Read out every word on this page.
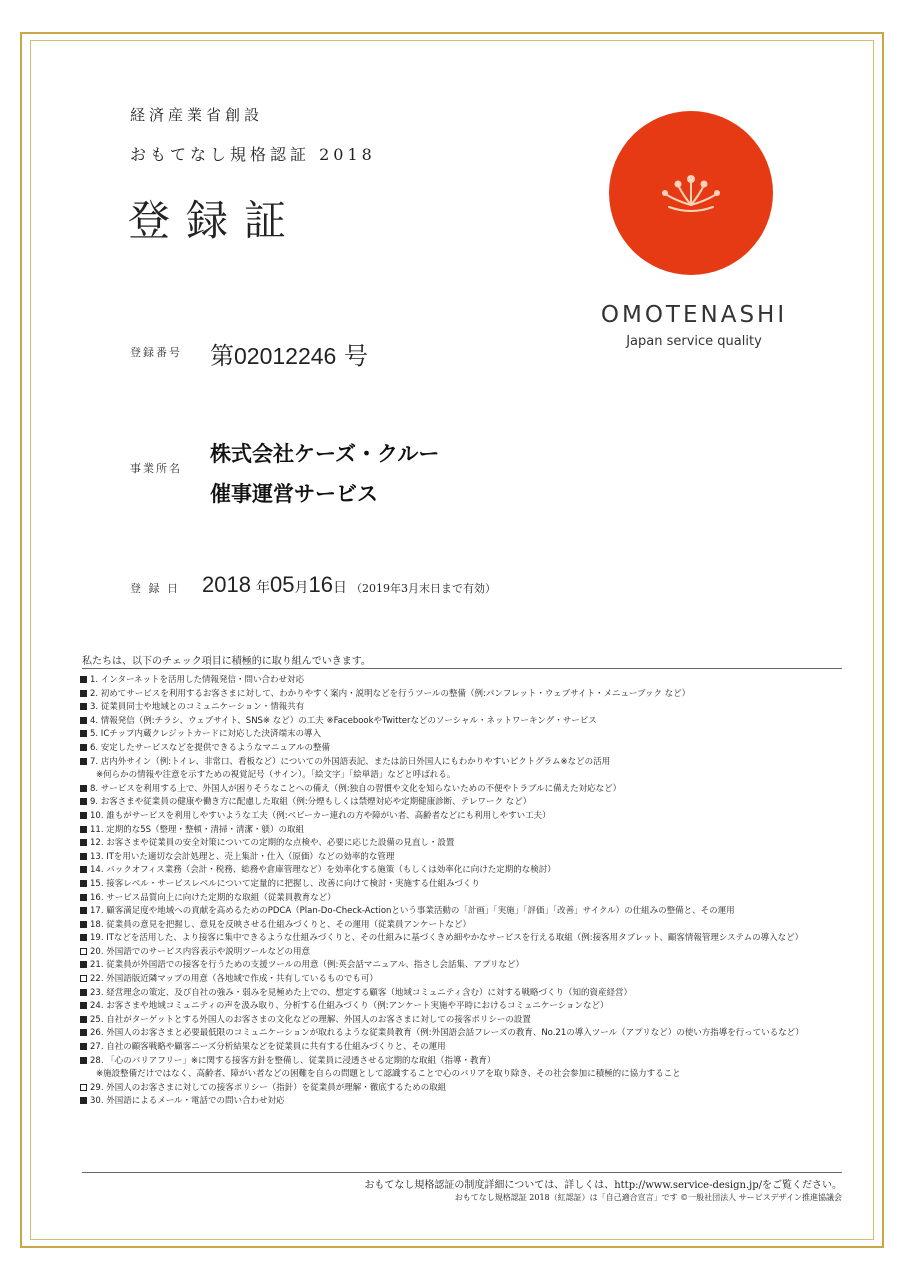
経済産業省創設
おもてなし規格認証 2018
登録証
OMOTENASHI
Japan service quality
登録番号 第02012246 号
事業所名
株式会社ケーズ・クルー
催事運営サービス
登 録 日 2018 年05月16日 （2019年3月末日まで有効）
私たちは、以下のチェック項目に積極的に取り組んでいきます。
1. インターネットを活用した情報発信・問い合わせ対応
2. 初めてサービスを利用するお客さまに対して、わかりやすく案内・説明などを行うツールの整備（例:パンフレット・ウェブサイト・メニューブック など）
3. 従業員同士や地域とのコミュニケーション・情報共有
4. 情報発信（例:チラシ、ウェブサイト、SNS※ など）の工夫 ※FacebookやTwitterなどのソーシャル・ネットワーキング・サービス
5. ICチップ内蔵クレジットカードに対応した決済端末の導入
6. 安定したサービスなどを提供できるようなマニュアルの整備
7. 店内外サイン（例:トイレ、非常口、看板など）についての外国語表記、または訪日外国人にもわかりやすいピクトグラム※などの活用
※何らかの情報や注意を示すための視覚記号（サイン）。「絵文字」「絵単語」などと呼ばれる。
8. サービスを利用する上で、外国人が困りそうなことへの備え（例:独自の習慣や文化を知らないための不便やトラブルに備えた対応など）
9. お客さまや従業員の健康や働き方に配慮した取組（例:分煙もしくは禁煙対応や定期健康診断、テレワーク など）
10. 誰もがサービスを利用しやすいような工夫（例:ベビーカー連れの方や障がい者、高齢者などにも利用しやすい工夫）
11. 定期的な5S（整理・整頓・清掃・清潔・躾）の取組
12. お客さまや従業員の安全対策についての定期的な点検や、必要に応じた設備の見直し・設置
13. ITを用いた適切な会計処理と、売上集計・仕入（原価）などの効率的な管理
14. バックオフィス業務（会計・税務、総務や倉庫管理など）を効率化する施策（もしくは効率化に向けた定期的な検討）
15. 接客レベル・サービスレベルについて定量的に把握し、改善に向けて検討・実施する仕組みづくり
16. サービス品質向上に向けた定期的な取組（従業員教育など）
17. 顧客満足度や地域への貢献を高めるためのPDCA（Plan-Do-Check-Actionという事業活動の「計画」「実施」「評価」「改善」サイクル）の仕組みの整備と、その運用
18. 従業員の意見を把握し、意見を反映させる仕組みづくりと、その運用（従業員アンケートなど）
19. ITなどを活用した、より接客に集中できるような仕組みづくりと、その仕組みに基づくきめ細やかなサービスを行える取組（例:接客用タブレット、顧客情報管理システムの導入など）
20. 外国語でのサービス内容表示や説明ツールなどの用意
21. 従業員が外国語での接客を行うための支援ツールの用意（例:英会話マニュアル、指さし会話集、アプリなど）
22. 外国語版近隣マップの用意（各地域で作成・共有しているものでも可）
23. 経営理念の策定、及び自社の強み・弱みを見極めた上での、想定する顧客（地域コミュニティ含む）に対する戦略づくり（知的資産経営）
24. お客さまや地域コミュニティの声を汲み取り、分析する仕組みづくり（例:アンケート実施や平時におけるコミュニケーションなど）
25. 自社がターゲットとする外国人のお客さまの文化などの理解、外国人のお客さまに対しての接客ポリシーの設置
26. 外国人のお客さまと必要最低限のコミュニケーションが取れるような従業員教育（例:外国語会話フレーズの教育、No.21の導入ツール（アプリなど）の使い方指導を行っているなど）
27. 自社の顧客戦略や顧客ニーズ分析結果などを従業員に共有する仕組みづくりと、その運用
28. 「心のバリアフリー」※に関する接客方針を整備し、従業員に浸透させる定期的な取組（指導・教育）
※施設整備だけではなく、高齢者、障がい者などの困難を自らの問題として認識することで心のバリアを取り除き、その社会参加に積極的に協力すること
29. 外国人のお客さまに対しての接客ポリシー（指針）を従業員が理解・徹底するための取組
30. 外国語によるメール・電話での問い合わせ対応
おもてなし規格認証の制度詳細については、詳しくは、http://www.service-design.jp/をご覧ください。
おもてなし規格認証 2018（紅認証）は「自己適合宣言」です ©一般社団法人 サービスデザイン推進協議会
